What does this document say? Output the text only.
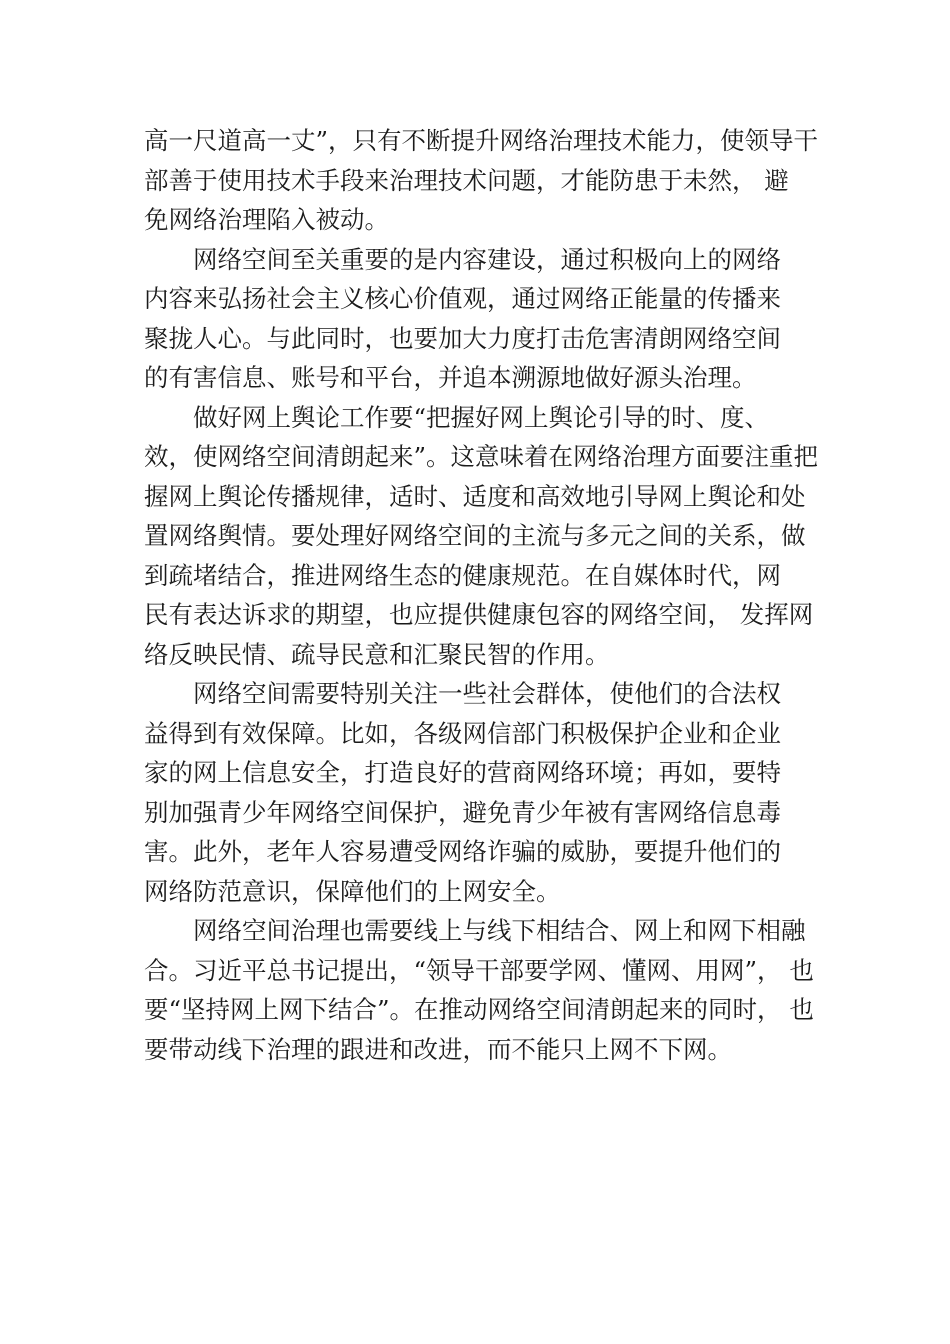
高一尺道高一丈”，只有不断提升网络治理技术能力，使领导干
部善于使用技术手段来治理技术问题，才能防患于未然， 避
免网络治理陷入被动。

网络空间至关重要的是内容建设，通过积极向上的网络
内容来弘扬社会主义核心价值观，通过网络正能量的传播来
聚拢人心。与此同时，也要加大力度打击危害清朗网络空间
的有害信息、账号和平台，并追本溯源地做好源头治理。

做好网上舆论工作要“把握好网上舆论引导的时、度、
效，使网络空间清朗起来”。这意味着在网络治理方面要注重把
握网上舆论传播规律，适时、适度和高效地引导网上舆论和处
置网络舆情。要处理好网络空间的主流与多元之间的关系，做
到疏堵结合，推进网络生态的健康规范。在自媒体时代，网
民有表达诉求的期望，也应提供健康包容的网络空间， 发挥网
络反映民情、疏导民意和汇聚民智的作用。

网络空间需要特别关注一些社会群体，使他们的合法权
益得到有效保障。比如，各级网信部门积极保护企业和企业
家的网上信息安全，打造良好的营商网络环境；再如，要特
别加强青少年网络空间保护，避免青少年被有害网络信息毒
害。此外，老年人容易遭受网络诈骗的威胁，要提升他们的
网络防范意识，保障他们的上网安全。

网络空间治理也需要线上与线下相结合、网上和网下相融
合。习近平总书记提出，“领导干部要学网、懂网、用网”， 也
要“坚持网上网下结合”。在推动网络空间清朗起来的同时， 也
要带动线下治理的跟进和改进，而不能只上网不下网。
